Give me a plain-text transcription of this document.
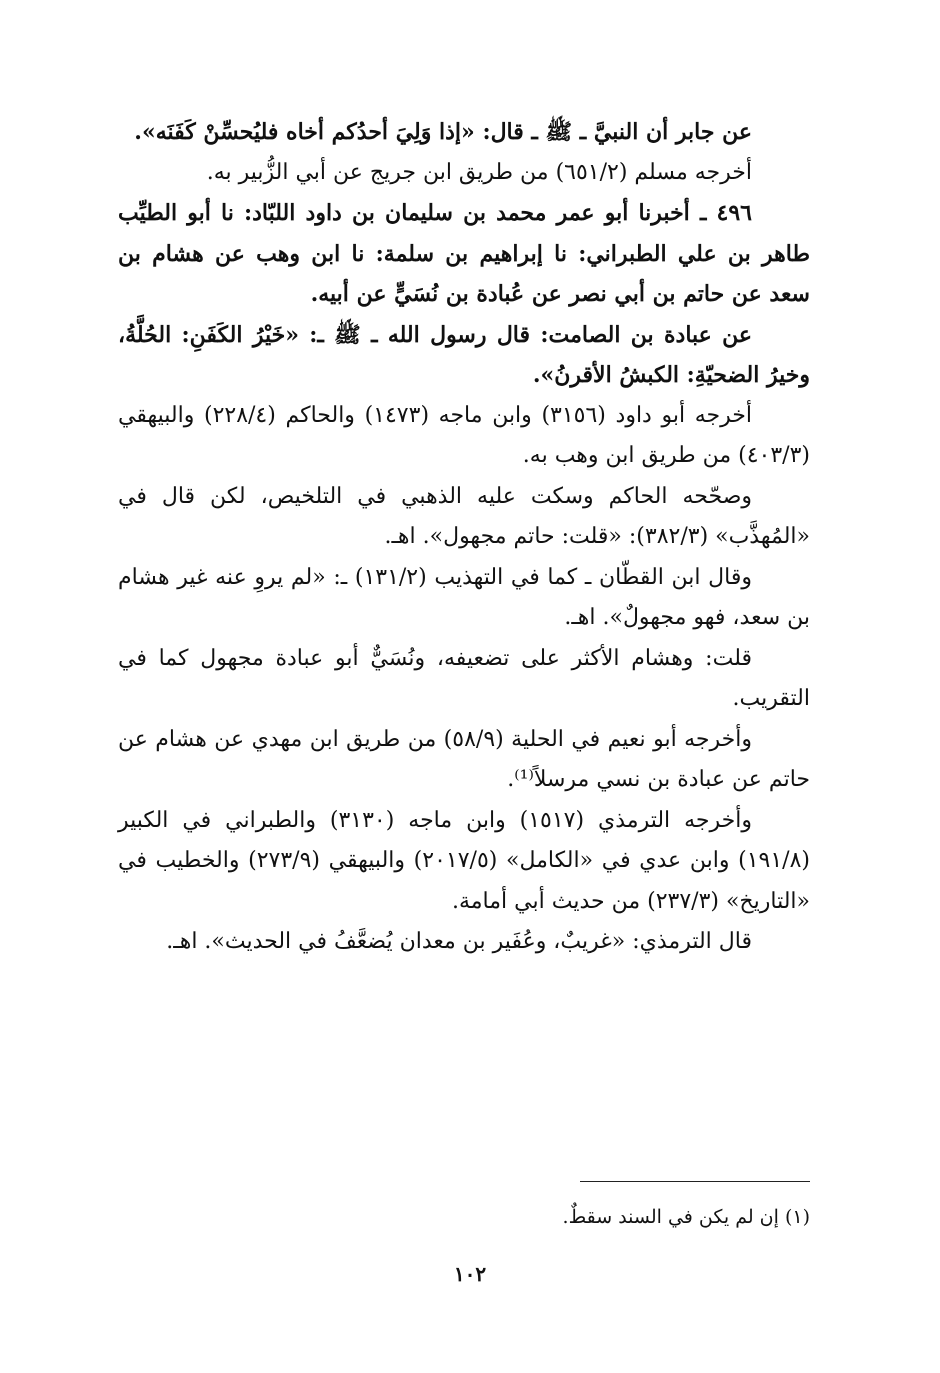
عن جابر أن النبيَّ ـ ﷺ ـ قال: «إذا وَلِيَ أحدُكم أخاه فليُحسِّنْ كَفَنَه».

أخرجه مسلم (٦٥١/٢) من طريق ابن جريج عن أبي الزُّبير به.

٤٩٦ ـ أخبرنا أبو عمر محمد بن سليمان بن داود اللبّاد: نا أبو الطيِّب طاهر بن علي الطبراني: نا إبراهيم بن سلمة: نا ابن وهب عن هشام بن سعد عن حاتم بن أبي نصر عن عُبادة بن نُسَيٍّ عن أبيه.

عن عبادة بن الصامت: قال رسول الله ـ ﷺ ـ: «خَيْرُ الكَفَنِ: الحُلَّةُ، وخيرُ الضحيّةِ: الكبشُ الأقرنُ».

أخرجه أبو داود (٣١٥٦) وابن ماجه (١٤٧٣) والحاكم (٢٢٨/٤) والبيهقي (٤٠٣/٣) من طريق ابن وهب به.

وصحّحه الحاكم وسكت عليه الذهبي في التلخيص، لكن قال في «المُهذَّب» (٣٨٢/٣): «قلت: حاتم مجهول». اهـ.

وقال ابن القطّان ـ كما في التهذيب (١٣١/٢) ـ: «لم يروِ عنه غير هشام بن سعد، فهو مجهولٌ». اهـ.

قلت: وهشام الأكثر على تضعيفه، ونُسَيٌّ أبو عبادة مجهول كما في التقريب.

وأخرجه أبو نعيم في الحلية (٥٨/٩) من طريق ابن مهدي عن هشام عن حاتم عن عبادة بن نسي مرسلاً⁽¹⁾.

وأخرجه الترمذي (١٥١٧) وابن ماجه (٣١٣٠) والطبراني في الكبير (١٩١/٨) وابن عدي في «الكامل» (٢٠١٧/٥) والبيهقي (٢٧٣/٩) والخطيب في «التاريخ» (٢٣٧/٣) من حديث أبي أمامة.

قال الترمذي: «غريبٌ، وعُفَير بن معدان يُضعَّفُ في الحديث». اهـ.

(١) إن لم يكن في السند سقطٌ.
١٠٢
